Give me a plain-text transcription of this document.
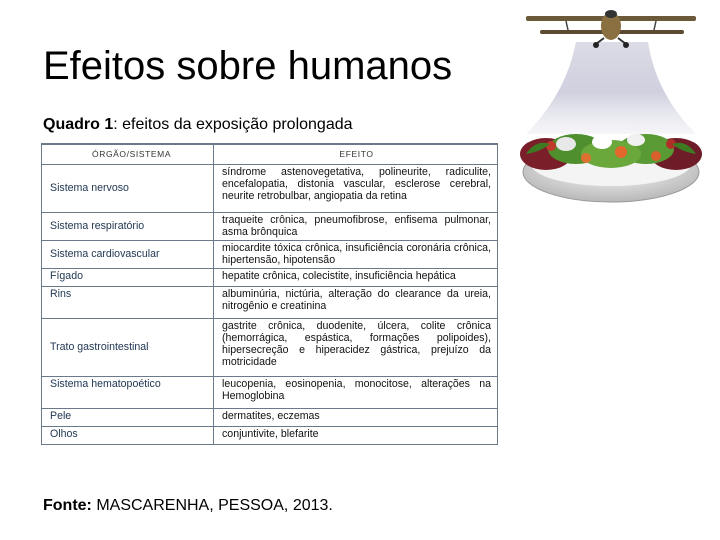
Efeitos sobre humanos
Quadro 1: efeitos da exposição prolongada
ÓRGÃO/SISTEMA	EFEITO
Sistema nervoso	síndrome astenovegetativa, polineurite, radiculite, encefalopatia, distonia vascular, esclerose cerebral, neurite retrobulbar, angiopatia da retina
Sistema respiratório	traqueite crônica, pneumofibrose, enfisema pulmonar, asma brônquica
Sistema cardiovascular	miocardite tóxica crônica, insuficiência coronária crônica, hipertensão, hipotensão
Fígado	hepatite crônica, colecistite, insuficiência hepática
Rins	albuminúria, nictúria, alteração do clearance da ureia, nitrogênio e creatinina
Trato gastrointestinal	gastrite crônica, duodenite, úlcera, colite crônica (hemorrágica, espástica, formações polipoides), hipersecreção e hiperacidez gástrica, prejuízo da motricidade
Sistema hematopoético	leucopenia, eosinopenia, monocitose, alterações na Hemoglobina
Pele	dermatites, eczemas
Olhos	conjuntivite, blefarite
Fonte: MASCARENHA, PESSOA, 2013.
